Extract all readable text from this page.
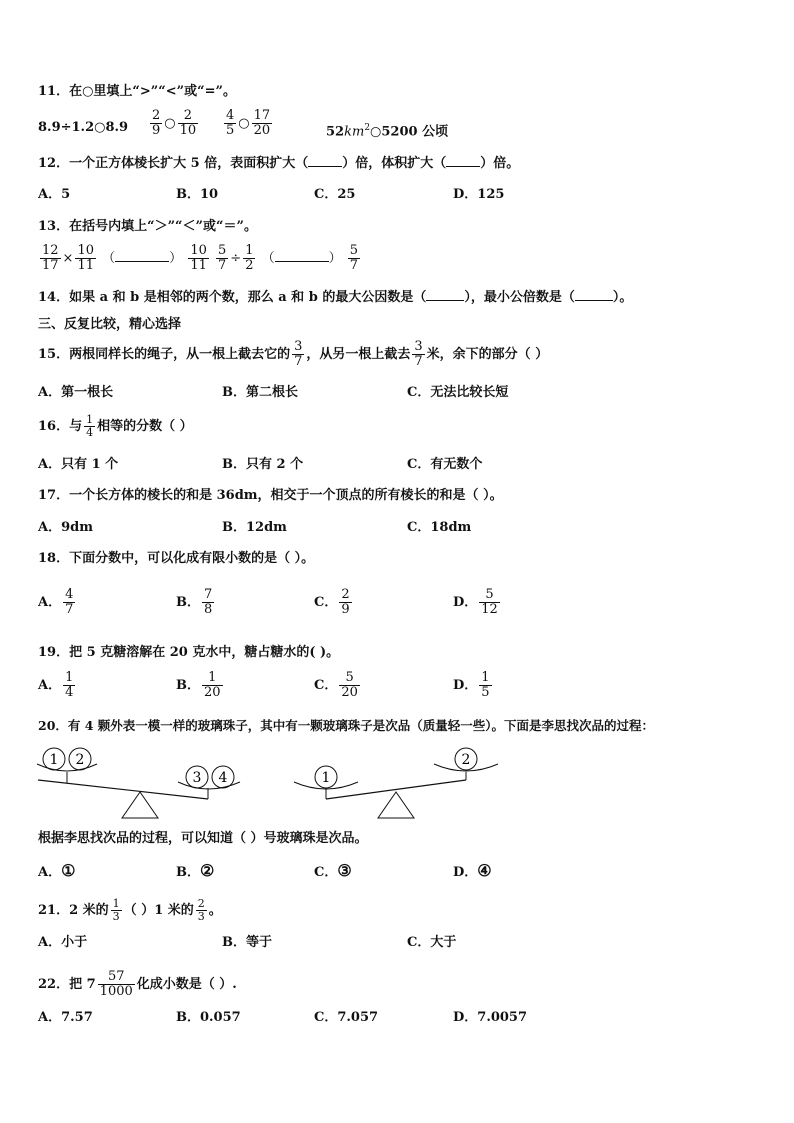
11．在○里填上“>”“<”或“=”。
8.9÷1.2○8.9 $\frac{2}{9}$ ○ $\frac{2}{10} \frac{4}{5}$ ○ $\frac{17}{20}$	$52km^2○5200$ 公顷
12．一个正方体棱长扩大 5 倍，表面积扩大（	）倍，体积扩大（	）倍。
A．5	B．10	C．25	D．125
13．在括号内填上“＞”“＜”或“＝”。
$\frac{12}{17} \times \frac{10}{11}$ （	） $\frac{10}{11} \frac{5}{7} \div \frac{1}{2}$ （	） $\frac{5}{7}$
14．如果 a 和 b 是相邻的两个数，那么 a 和 b 的最大公因数是（	），最小公倍数是（	）。
三、反复比较，精心选择
15．两根同样长的绳子，从一根上截去它的 $\frac{3}{7}$ ，从另一根上截去 $\frac{3}{7}$ 米，余下的部分（ ）
A．第一根长	B．第二根长	C．无法比较长短
16．与 $\frac{1}{4}$ 相等的分数（ ）
A．只有 1 个	B．只有 2 个	C．有无数个
17．一个长方体的棱长的和是 36dm，相交于一个顶点的所有棱长的和是（ ）。
A．9dm	B．12dm	C．18dm
18．下面分数中，可以化成有限小数的是（ ）。
A． $\frac{4}{7}$	B． $\frac{7}{8}$	C． $\frac{2}{9}$	D． $\frac{5}{12}$
19．把 5 克糖溶解在 20 克水中，糖占糖水的( )。
A． $\frac{1}{4}$	B． $\frac{1}{20}$	C． $\frac{5}{20}$	D． $\frac{1}{5}$
20．有 4 颗外表一模一样的玻璃珠子，其中有一颗玻璃珠子是次品（质量轻一些）。下面是李思找次品的过程：
1 2
3 4	1
2
根据李思找次品的过程，可以知道（ ）号玻璃珠是次品。
A．①	B．②	C．③	D．④
21．2 米的 $\frac{1}{3}$ （ ）1 米的 $\frac{2}{3}$ 。
A．小于	B．等于	C．大于
22．把 $7 \frac{57}{1000}$ 化成小数是（ ）.
A．7.57	B．0.057	C．7.057	D．7.0057
